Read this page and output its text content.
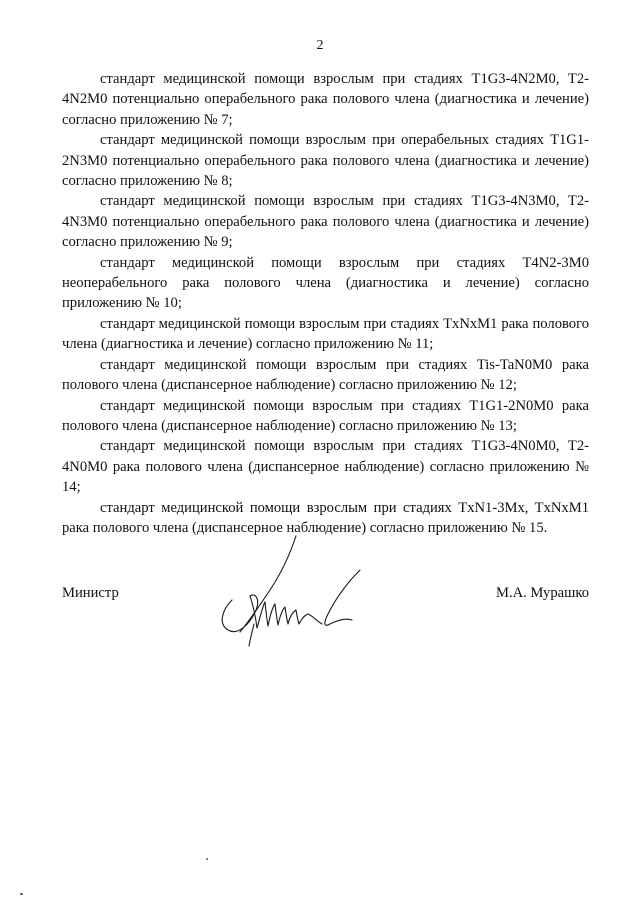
2

стандарт медицинской помощи взрослым при стадиях T1G3-4N2M0, T2-4N2M0 потенциально операбельного рака полового члена (диагностика и лечение) согласно приложению № 7;

стандарт медицинской помощи взрослым при операбельных стадиях T1G1-2N3M0 потенциально операбельного рака полового члена (диагностика и лечение) согласно приложению № 8;

стандарт медицинской помощи взрослым при стадиях T1G3-4N3M0, T2-4N3M0 потенциально операбельного рака полового члена (диагностика и лечение) согласно приложению № 9;

стандарт медицинской помощи взрослым при стадиях T4N2-3M0 неоперабельного рака полового члена (диагностика и лечение) согласно приложению № 10;

стандарт медицинской помощи взрослым при стадиях TxNxM1 рака полового члена (диагностика и лечение) согласно приложению № 11;

стандарт медицинской помощи взрослым при стадиях Tis-TaN0M0 рака полового члена (диспансерное наблюдение) согласно приложению № 12;

стандарт медицинской помощи взрослым при стадиях T1G1-2N0M0 рака полового члена (диспансерное наблюдение) согласно приложению № 13;

стандарт медицинской помощи взрослым при стадиях T1G3-4N0M0, T2-4N0M0 рака полового члена (диспансерное наблюдение) согласно приложению № 14;

стандарт медицинской помощи взрослым при стадиях TxN1-3Mx, TxNxM1 рака полового члена (диспансерное наблюдение) согласно приложению № 15.

Министр	М.А. Мурашко
